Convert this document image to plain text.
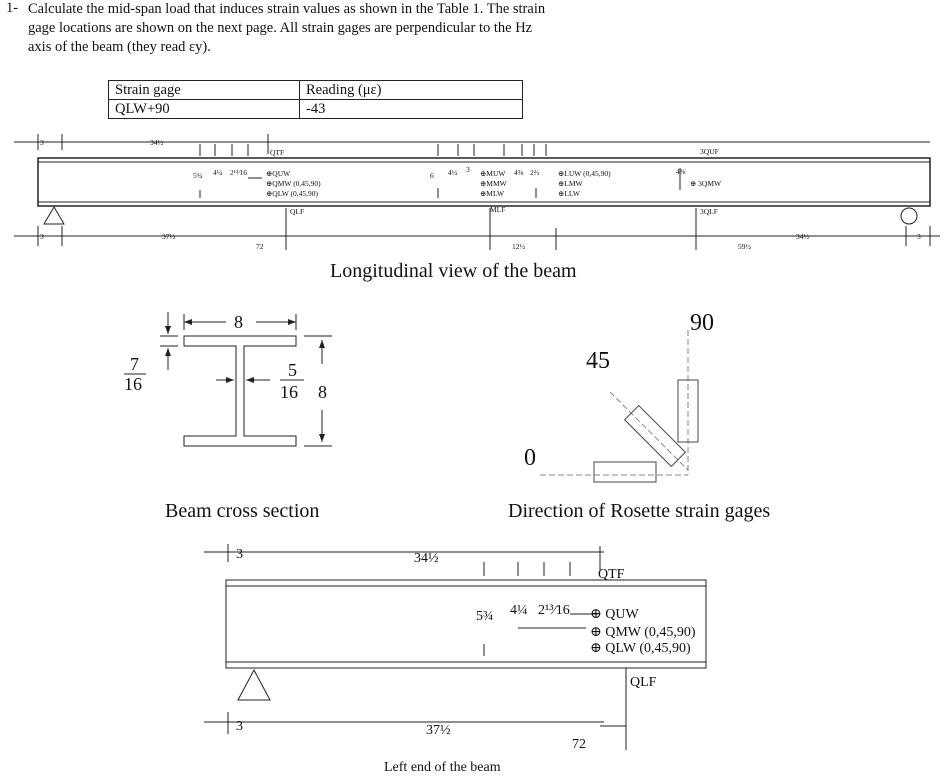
1- Calculate the mid-span load that induces strain values as shown in the Table 1. The strain
gage locations are shown on the next page. All strain gages are perpendicular to the Hz
axis of the beam (they read εy).
Strain gage	Reading (με)
QLW+90	-43
3	34½
QTF	3QUF
5¾ 4¼ 2¹³⁄16	⊕QUW
⊕QMW (0,45,90)
⊕QLW (0,45,90)
QLF
6 4½ 3 ⊕MUW
⊕MMW
⊕MLW
MLF
4⅜ 2⅔ ⊕LUW (0,45,90)
⊕LMW
⊕LLW
4⅜
⊕ 3QMW
3QLF
3	37½
72	12½	59½
34½	3
Longitudinal view of the beam
8
8
7
16
5
16
Beam cross section
0
45
90
Direction of Rosette strain gages
3	34½
QTF
5¾ 4¼ 2¹³⁄16 ⊕ QUW
⊕ QMW (0,45,90)
⊕ QLW (0,45,90)
QLF
3	37½
72
Left end of the beam
